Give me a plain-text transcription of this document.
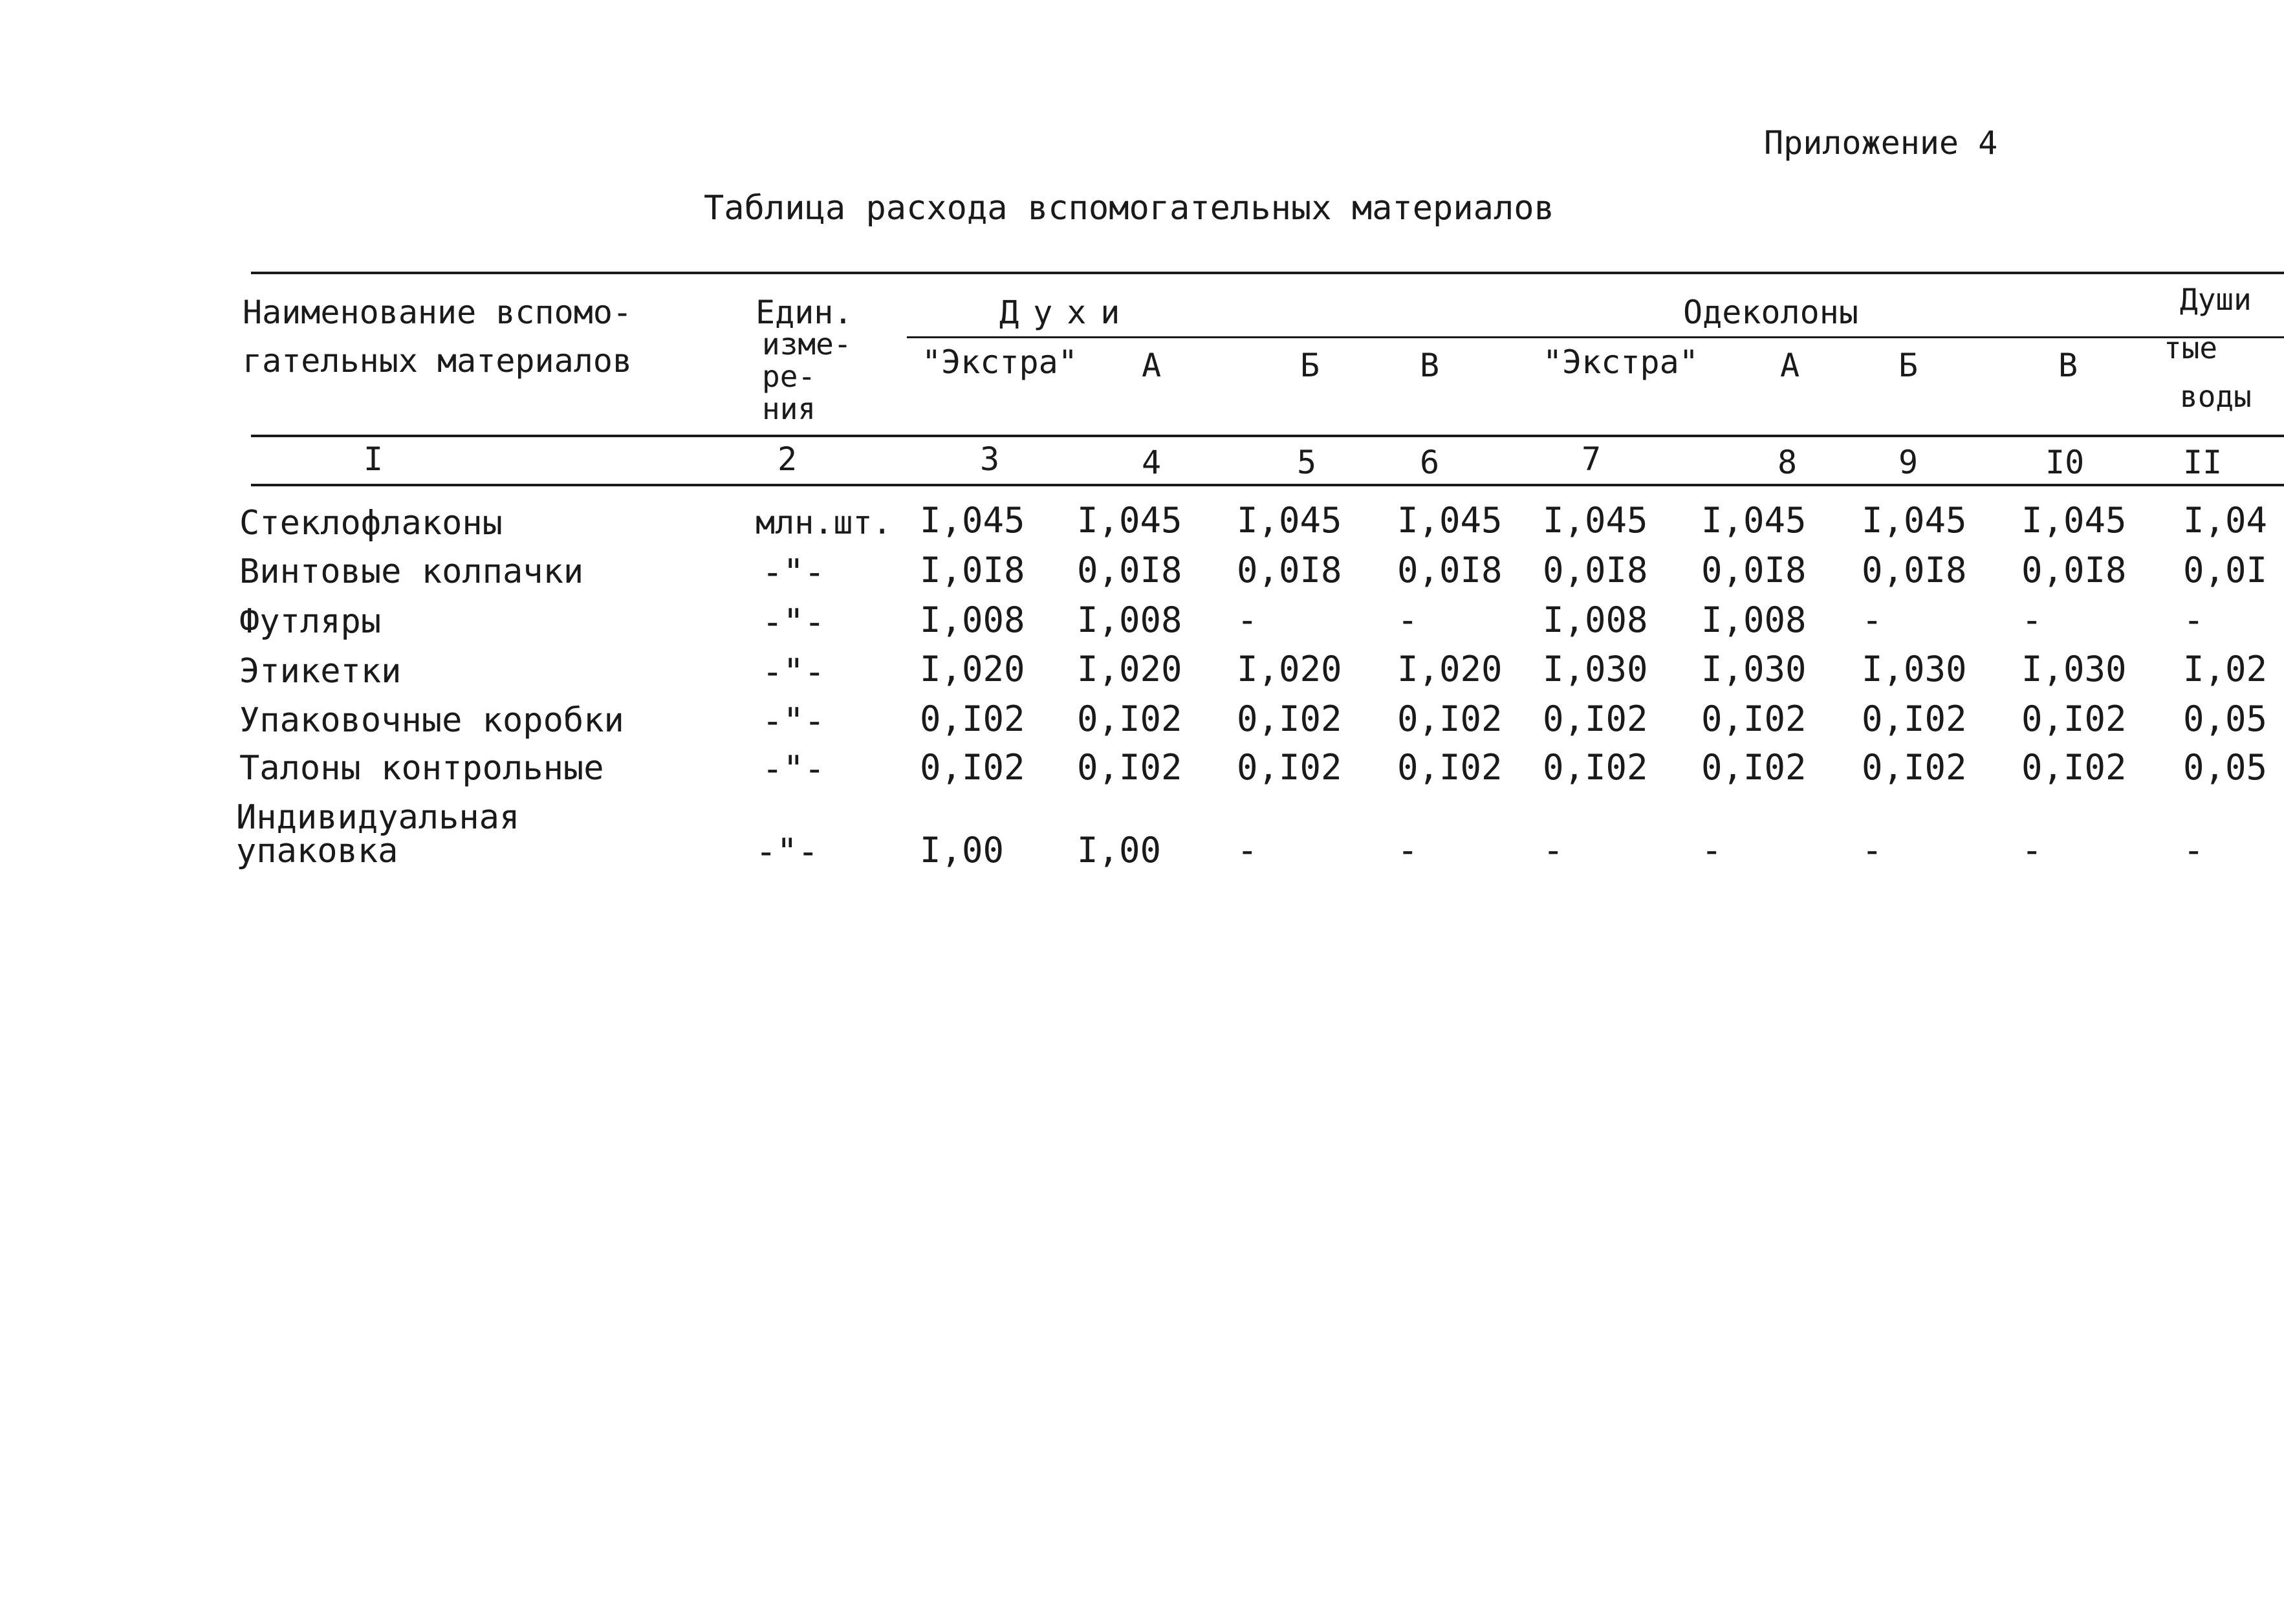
Приложение 4
Таблица расхода вспомогательных материалов
Наименование вспомо-
гательных материалов
Един.
изме-
ре-
ния
Духи	Одеколоны	Души
тые
воды
"Экстра" А	Б	В	"Экстра"	А	Б	В
I	2	3	4	5	6	7	8	9	I0	II
Стеклофлаконы	млн.шт. I,045 I,045 I,045 I,045 I,045 I,045 I,045 I,045 I,04
Винтовые колпачки	-"-	I,0I8 0,0I8 0,0I8 0,0I8 0,0I8 0,0I8 0,0I8 0,0I8 0,0I
Футляры	-"-	I,008 I,008 -	-	I,008 I,008 -	-	-
Этикетки	-"-	I,020 I,020 I,020 I,020 I,030 I,030 I,030 I,030 I,02
Упаковочные коробки	-"-	0,I02 0,I02 0,I02 0,I02 0,I02 0,I02 0,I02 0,I02 0,05
Талоны контрольные	-"-	0,I02 0,I02 0,I02 0,I02 0,I02 0,I02 0,I02 0,I02 0,05
Индивидуальная
упаковка	-"-	I,00 I,00 -	-	-	-	-	-	-
